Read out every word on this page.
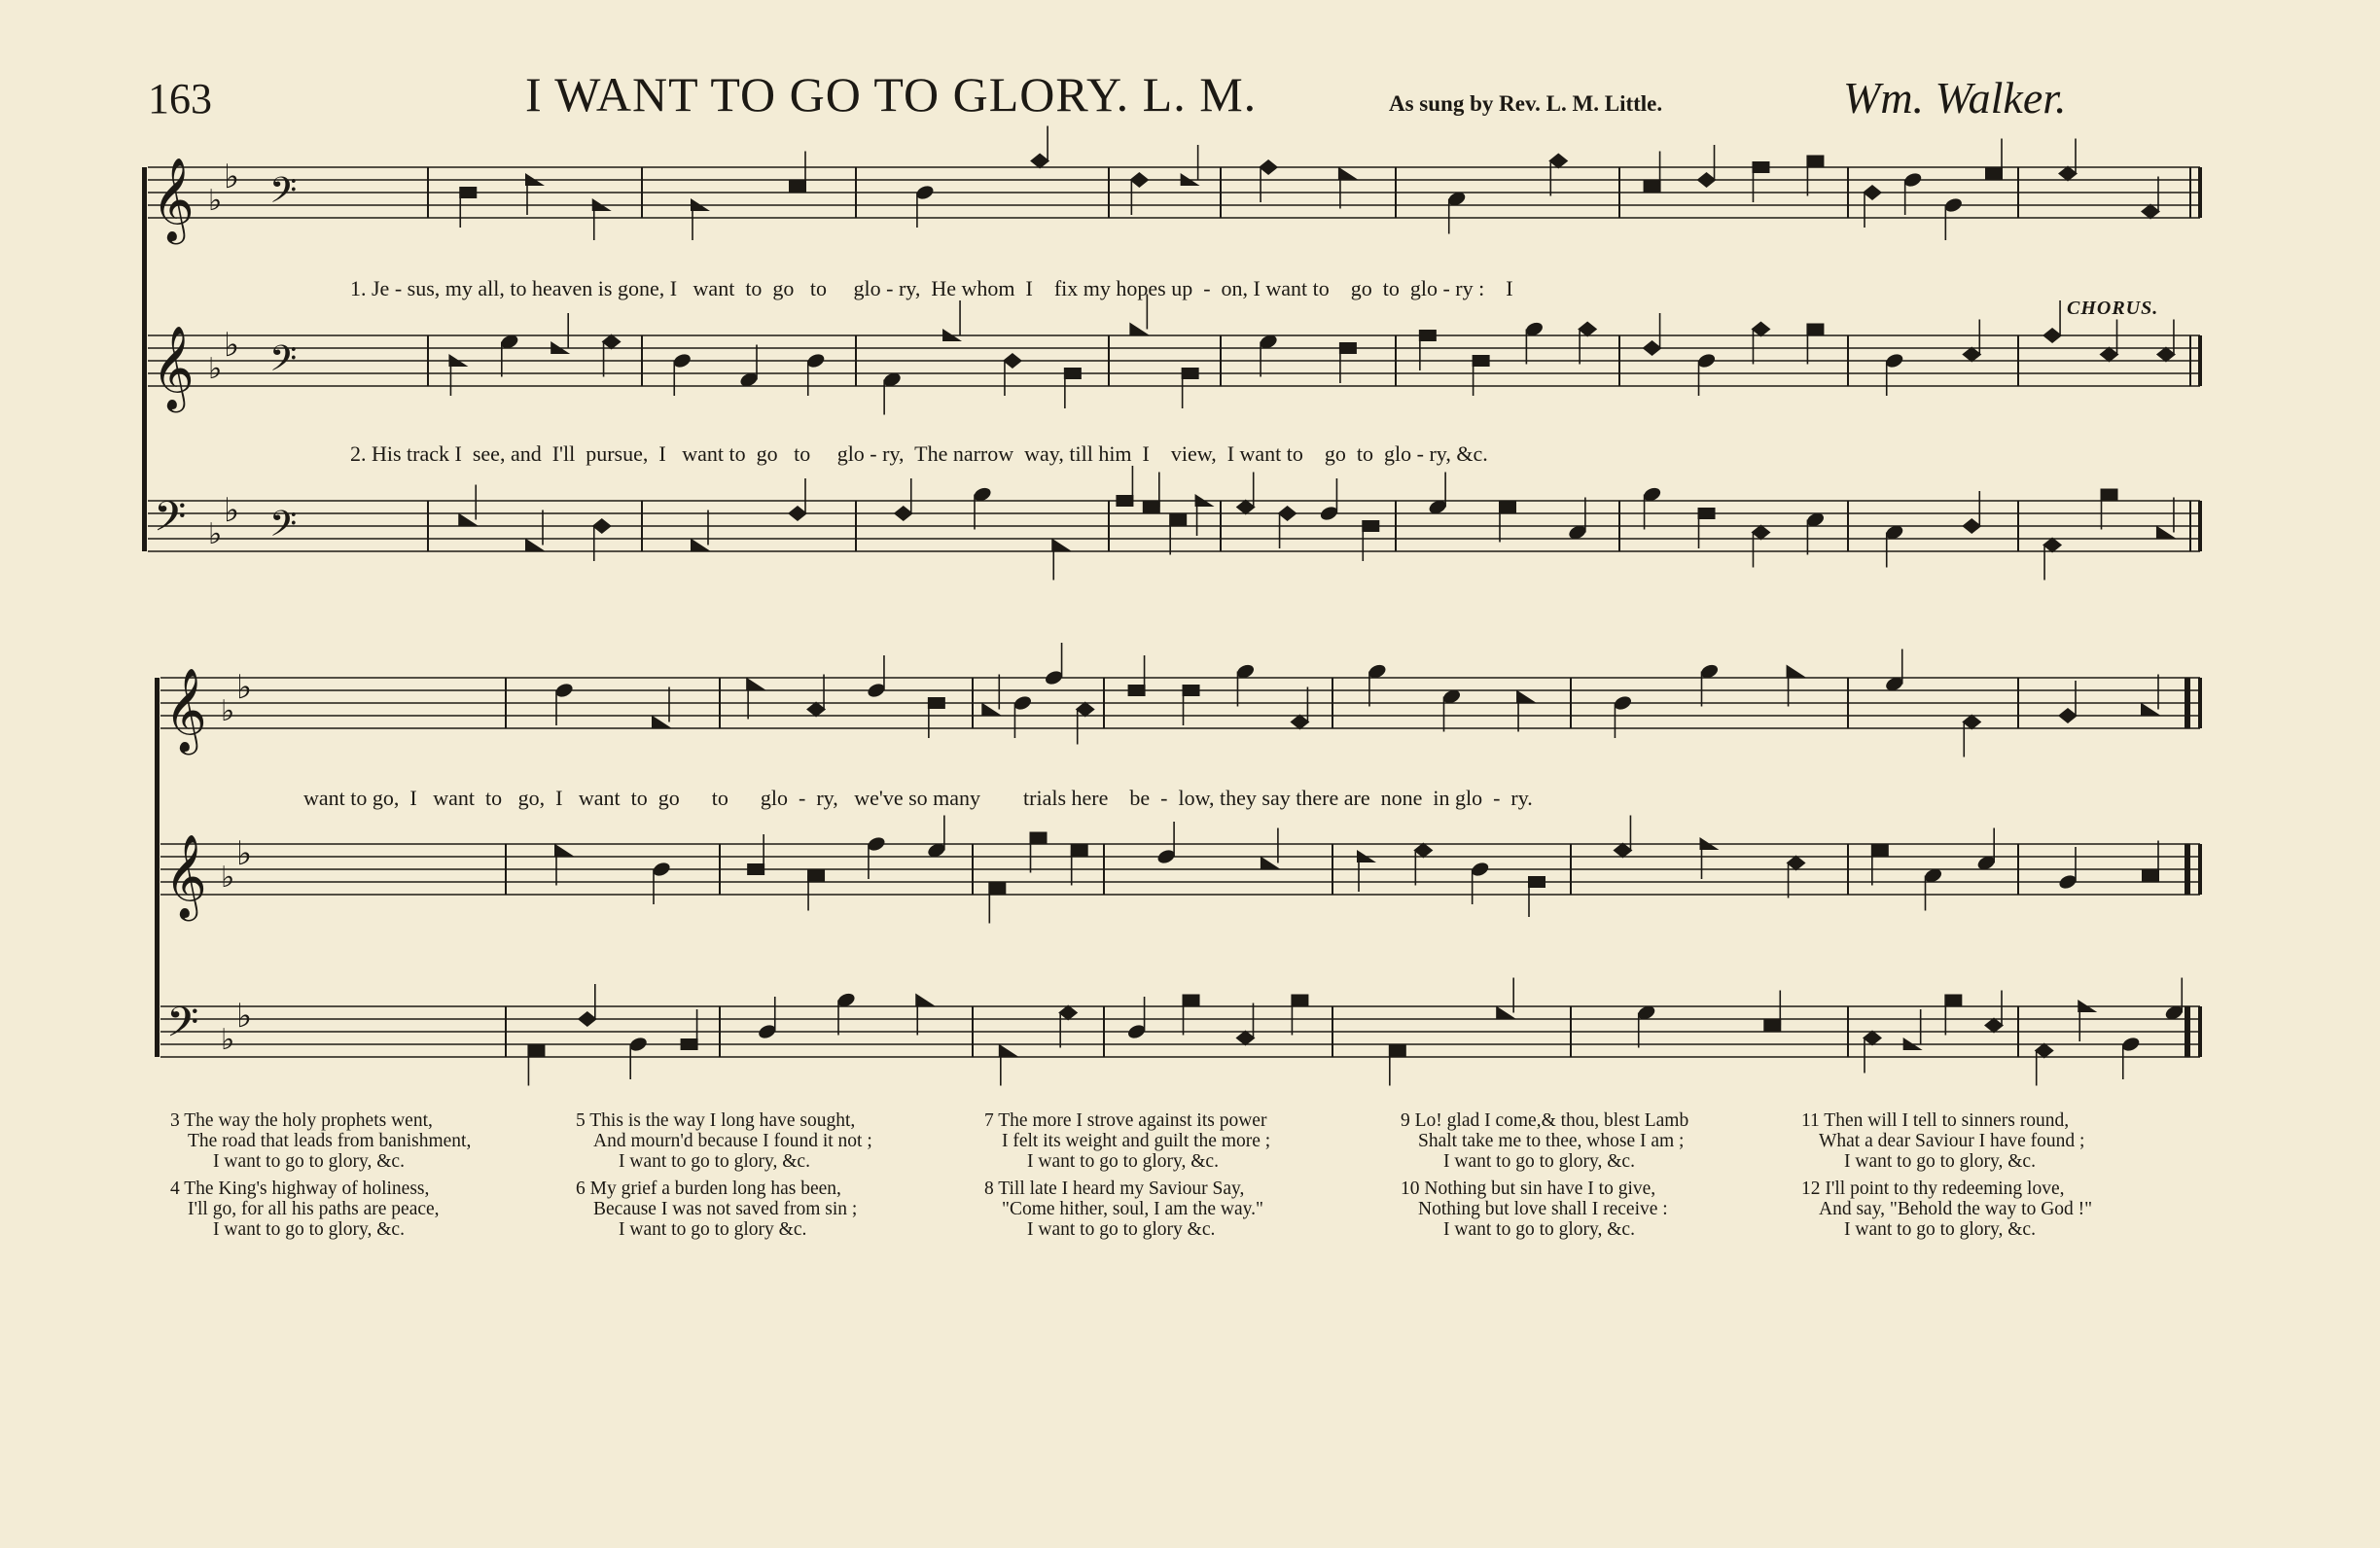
163	I WANT TO GO TO GLORY. L. M.	As sung by Rev. L. M. Little.	Wm. Walker.
𝄞 ♭
♭ 𝄢
𝄞 ♭
♭ 𝄢
𝄢 ♭
♭ 𝄢
𝄞 ♭
♭
𝄞 ♭
♭
𝄢 ♭
♭
1. Je - sus, my all, to heaven is gone, I   want  to  go   to     glo - ry,  He whom  I    fix my hopes up  -  on, I want to    go  to  glo - ry :    I
CHORUS.
2. His track I  see, and  I'll  pursue,  I   want to  go   to     glo - ry,  The narrow  way, till him  I    view,  I want to    go  to  glo - ry, &c.
want to go,  I   want  to   go,  I   want  to  go      to      glo  -  ry,   we've so many        trials here    be  -  low, they say there are  none  in glo  -  ry.
3 The way the holy prophets went,
The road that leads from banishment,
I want to go to glory, &c.
4 The King's highway of holiness,
I'll go, for all his paths are peace,
I want to go to glory, &c.
5 This is the way I long have sought,
And mourn'd because I found it not ;
I want to go to glory, &c.
6 My grief a burden long has been,
Because I was not saved from sin ;
I want to go to glory &c.
7 The more I strove against its power
I felt its weight and guilt the more ;
I want to go to glory, &c.
8 Till late I heard my Saviour Say,
"Come hither, soul, I am the way."
I want to go to glory &c.
9 Lo! glad I come,& thou, blest Lamb
Shalt take me to thee, whose I am ;
I want to go to glory, &c.
10 Nothing but sin have I to give,
Nothing but love shall I receive :
I want to go to glory, &c.
11 Then will I tell to sinners round,
What a dear Saviour I have found ;
I want to go to glory, &c.
12 I'll point to thy redeeming love,
And say, "Behold the way to God !"
I want to go to glory, &c.
